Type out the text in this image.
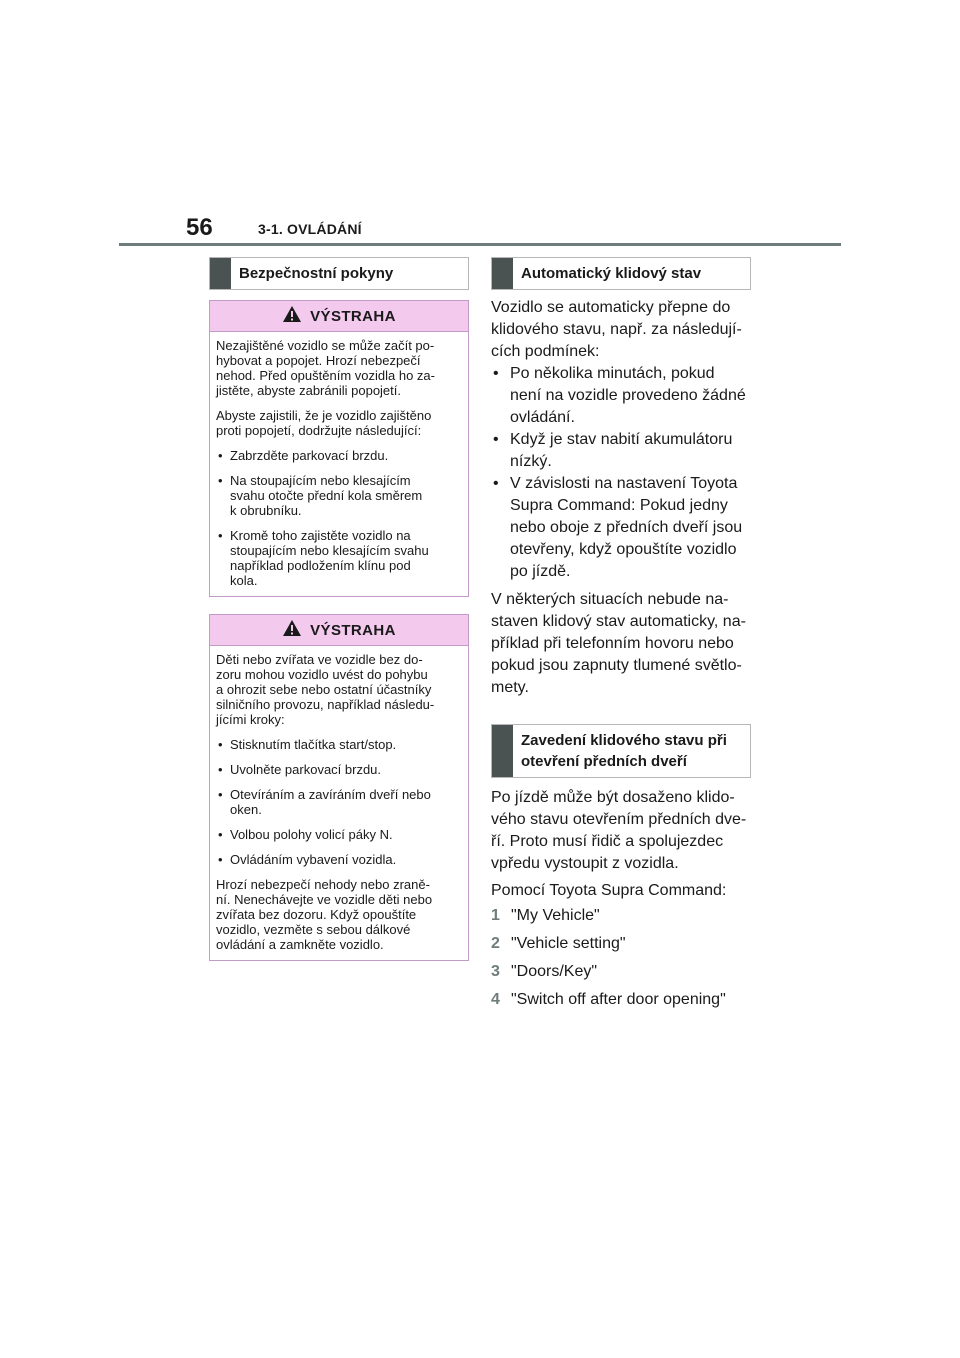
56	3-1. OVLÁDÁNÍ
Bezpečnostní pokyny
VÝSTRAHA

Nezajištěné vozidlo se může začít po-
hybovat a popojet. Hrozí nebezpečí
nehod. Před opuštěním vozidla ho za-
jistěte, abyste zabránili popojetí.

Abyste zajistili, že je vozidlo zajištěno
proti popojetí, dodržujte následující:

• Zabrzděte parkovací brzdu.
• Na stoupajícím nebo klesajícím
svahu otočte přední kola směrem
k obrubníku.
• Kromě toho zajistěte vozidlo na
stoupajícím nebo klesajícím svahu
například podložením klínu pod
kola.
VÝSTRAHA

Děti nebo zvířata ve vozidle bez do-
zoru mohou vozidlo uvést do pohybu
a ohrozit sebe nebo ostatní účastníky
silničního provozu, například následu-
jícími kroky:

• Stisknutím tlačítka start/stop.
• Uvolněte parkovací brzdu.
• Otevíráním a zavíráním dveří nebo
oken.
• Volbou polohy volicí páky N.
• Ovládáním vybavení vozidla.

Hrozí nebezpečí nehody nebo zraně-
ní. Nenechávejte ve vozidle děti nebo
zvířata bez dozoru. Když opouštíte
vozidlo, vezměte s sebou dálkové
ovládání a zamkněte vozidlo.

Automatický klidový stav

Vozidlo se automaticky přepne do
klidového stavu, např. za následují-
cích podmínek:

• Po několika minutách, pokud
není na vozidle provedeno žádné
ovládání.
• Když je stav nabití akumulátoru
nízký.
• V závislosti na nastavení Toyota
Supra Command: Pokud jedny
nebo oboje z předních dveří jsou
otevřeny, když opouštíte vozidlo
po jízdě.

V některých situacích nebude na-
staven klidový stav automaticky, na-
příklad při telefonním hovoru nebo
pokud jsou zapnuty tlumené světlo-
mety.

Zavedení klidového stavu při
otevření předních dveří

Po jízdě může být dosaženo klido-
vého stavu otevřením předních dve-
ří. Proto musí řidič a spolujezdec
vpředu vystoupit z vozidla.

Pomocí Toyota Supra Command:

1 "My Vehicle"
2 "Vehicle setting"
3 "Doors/Key"
4 "Switch off after door opening"
